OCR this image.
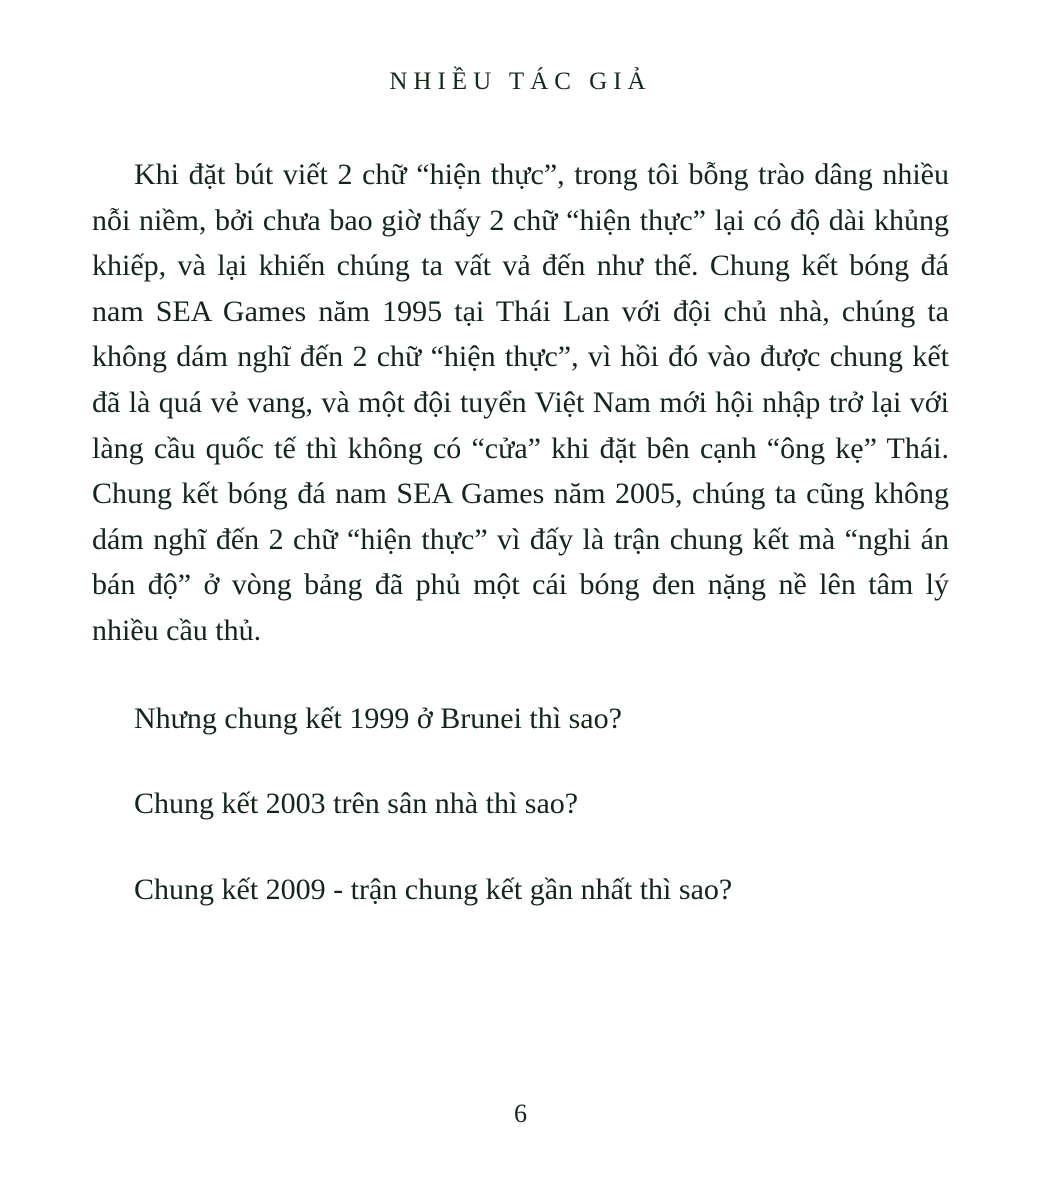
NHIỀU TÁC GIẢ

Khi đặt bút viết 2 chữ “hiện thực”, trong tôi bỗng trào dâng nhiều nỗi niềm, bởi chưa bao giờ thấy 2 chữ “hiện thực” lại có độ dài khủng khiếp, và lại khiến chúng ta vất vả đến như thế. Chung kết bóng đá nam SEA Games năm 1995 tại Thái Lan với đội chủ nhà, chúng ta không dám nghĩ đến 2 chữ “hiện thực”, vì hồi đó vào được chung kết đã là quá vẻ vang, và một đội tuyển Việt Nam mới hội nhập trở lại với làng cầu quốc tế thì không có “cửa” khi đặt bên cạnh “ông kẹ” Thái. Chung kết bóng đá nam SEA Games năm 2005, chúng ta cũng không dám nghĩ đến 2 chữ “hiện thực” vì đấy là trận chung kết mà “nghi án bán độ” ở vòng bảng đã phủ một cái bóng đen nặng nề lên tâm lý nhiều cầu thủ.

Nhưng chung kết 1999 ở Brunei thì sao?

Chung kết 2003 trên sân nhà thì sao?

Chung kết 2009 - trận chung kết gần nhất thì sao?

6
